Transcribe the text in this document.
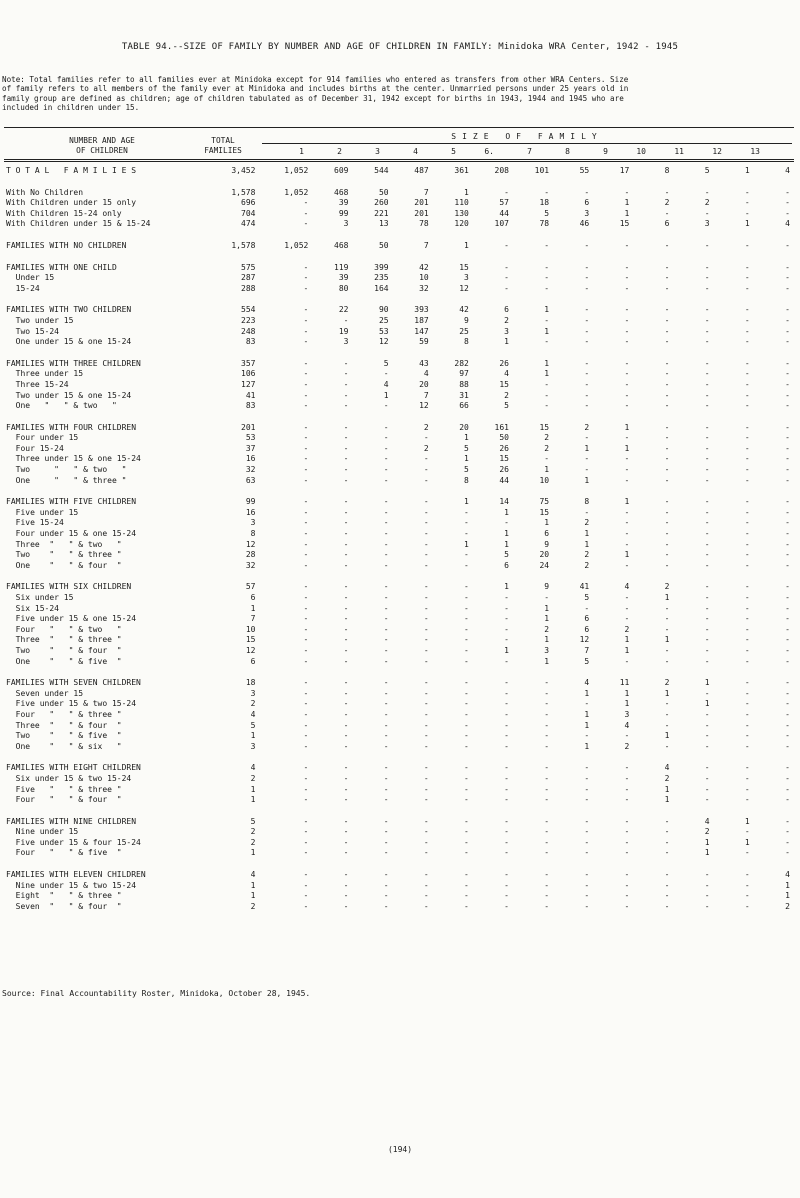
TABLE 94.--SIZE OF FAMILY BY NUMBER AND AGE OF CHILDREN IN FAMILY: Minidoka WRA Center, 1942 - 1945
Note: Total families refer to all families ever at Minidoka except for 914 families who entered as transfers from other WRA Centers. Size
of family refers to all members of the family ever at Minidoka and includes births at the center. Unmarried persons under 25 years old in
family group are defined as children; age of children tabulated as of December 31, 1942 except for births in 1943, 1944 and 1945 who are
included in children under 15.
NUMBER AND AGE
OF CHILDREN
TOTAL
FAMILIES
SIZE OF FAMILY
1	2	3	4	5	6.	7	8	9	10	11	12	13
T O T A L   F A M I L I E S	3,452	1,052	609	544	487	361	208	101	55	17	8	5	1	4

With No Children	1,578	1,052	468	50	7	1	-	-	-	-	-	-	-	-
With Children under 15 only	696	-	39	260	201	110	57	18	6	1	2	2	-	-
With Children 15-24 only	704	-	99	221	201	130	44	5	3	1	-	-	-	-
With Children under 15 & 15-24	474	-	3	13	78	120	107	78	46	15	6	3	1	4

FAMILIES WITH NO CHILDREN	1,578	1,052	468	50	7	1	-	-	-	-	-	-	-	-

FAMILIES WITH ONE CHILD	575	-	119	399	42	15	-	-	-	-	-	-	-	-
Under 15	287	-	39	235	10	3	-	-	-	-	-	-	-	-
15-24	288	-	80	164	32	12	-	-	-	-	-	-	-	-

FAMILIES WITH TWO CHILDREN	554	-	22	90	393	42	6	1	-	-	-	-	-	-
Two under 15	223	-	-	25	187	9	2	-	-	-	-	-	-	-
Two 15-24	248	-	19	53	147	25	3	1	-	-	-	-	-	-
One under 15 & one 15-24	83	-	3	12	59	8	1	-	-	-	-	-	-	-

FAMILIES WITH THREE CHILDREN	357	-	-	5	43	282	26	1	-	-	-	-	-	-
Three under 15	106	-	-	-	4	97	4	1	-	-	-	-	-	-
Three 15-24	127	-	-	4	20	88	15	-	-	-	-	-	-	-
Two under 15 & one 15-24	41	-	-	1	7	31	2	-	-	-	-	-	-	-
One   "   " & two   "	83	-	-	-	12	66	5	-	-	-	-	-	-	-

FAMILIES WITH FOUR CHILDREN	201	-	-	-	2	20	161	15	2	1	-	-	-	-
Four under 15	53	-	-	-	-	1	50	2	-	-	-	-	-	-
Four 15-24	37	-	-	-	2	5	26	2	1	1	-	-	-	-
Three under 15 & one 15-24	16	-	-	-	-	1	15	-	-	-	-	-	-	-
Two     "   " & two   "	32	-	-	-	-	5	26	1	-	-	-	-	-	-
One     "   " & three "	63	-	-	-	-	8	44	10	1	-	-	-	-	-

FAMILIES WITH FIVE CHILDREN	99	-	-	-	-	1	14	75	8	1	-	-	-	-
Five under 15	16	-	-	-	-	-	1	15	-	-	-	-	-	-
Five 15-24	3	-	-	-	-	-	-	1	2	-	-	-	-	-
Four under 15 & one 15-24	8	-	-	-	-	-	1	6	1	-	-	-	-	-
Three  "   " & two   "	12	-	-	-	-	1	1	9	1	-	-	-	-	-
Two    "   " & three "	28	-	-	-	-	-	5	20	2	1	-	-	-	-
One    "   " & four  "	32	-	-	-	-	-	6	24	2	-	-	-	-	-

FAMILIES WITH SIX CHILDREN	57	-	-	-	-	-	1	9	41	4	2	-	-	-
Six under 15	6	-	-	-	-	-	-	-	5	-	1	-	-	-
Six 15-24	1	-	-	-	-	-	-	1	-	-	-	-	-	-
Five under 15 & one 15-24	7	-	-	-	-	-	-	1	6	-	-	-	-	-
Four   "   " & two   "	10	-	-	-	-	-	-	2	6	2	-	-	-	-
Three  "   " & three "	15	-	-	-	-	-	-	1	12	1	1	-	-	-
Two    "   " & four  "	12	-	-	-	-	-	1	3	7	1	-	-	-	-
One    "   " & five  "	6	-	-	-	-	-	-	1	5	-	-	-	-	-

FAMILIES WITH SEVEN CHILDREN	18	-	-	-	-	-	-	-	4	11	2	1	-	-
Seven under 15	3	-	-	-	-	-	-	-	1	1	1	-	-	-
Five under 15 & two 15-24	2	-	-	-	-	-	-	-	-	1	-	1	-	-
Four   "   " & three "	4	-	-	-	-	-	-	-	1	3	-	-	-	-
Three  "   " & four  "	5	-	-	-	-	-	-	-	1	4	-	-	-	-
Two    "   " & five  "	1	-	-	-	-	-	-	-	-	-	1	-	-	-
One    "   " & six   "	3	-	-	-	-	-	-	-	1	2	-	-	-	-

FAMILIES WITH EIGHT CHILDREN	4	-	-	-	-	-	-	-	-	-	4	-	-	-
Six under 15 & two 15-24	2	-	-	-	-	-	-	-	-	-	2	-	-	-
Five   "   " & three "	1	-	-	-	-	-	-	-	-	-	1	-	-	-
Four   "   " & four  "	1	-	-	-	-	-	-	-	-	-	1	-	-	-

FAMILIES WITH NINE CHILDREN	5	-	-	-	-	-	-	-	-	-	-	4	1	-
Nine under 15	2	-	-	-	-	-	-	-	-	-	-	2	-	-
Five under 15 & four 15-24	2	-	-	-	-	-	-	-	-	-	-	1	1	-
Four   "   " & five  "	1	-	-	-	-	-	-	-	-	-	-	1	-	-

FAMILIES WITH ELEVEN CHILDREN	4	-	-	-	-	-	-	-	-	-	-	-	-	4
Nine under 15 & two 15-24	1	-	-	-	-	-	-	-	-	-	-	-	-	1
Eight  "   " & three "	1	-	-	-	-	-	-	-	-	-	-	-	-	1
Seven  "   " & four  "	2	-	-	-	-	-	-	-	-	-	-	-	-	2
Source: Final Accountability Roster, Minidoka, October 28, 1945.
(194)
